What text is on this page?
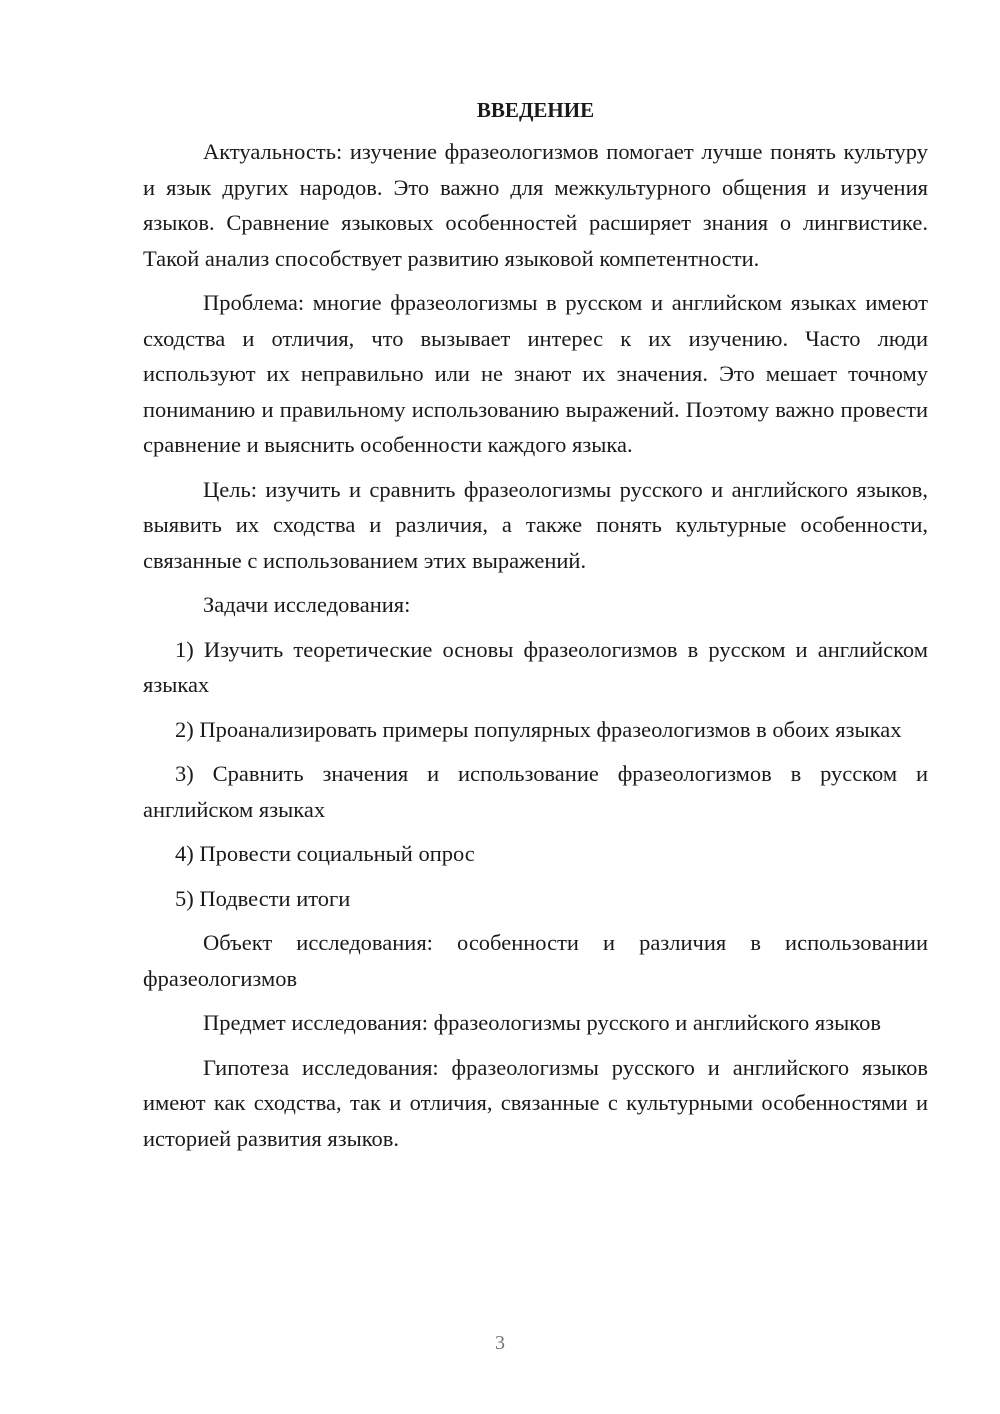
ВВЕДЕНИЕ

Актуальность: изучение фразеологизмов помогает лучше понять культуру и язык других народов. Это важно для межкультурного общения и изучения языков. Сравнение языковых особенностей расширяет знания о лингвистике. Такой анализ способствует развитию языковой компетентности.

Проблема: многие фразеологизмы в русском и английском языках имеют сходства и отличия, что вызывает интерес к их изучению. Часто люди используют их неправильно или не знают их значения. Это мешает точному пониманию и правильному использованию выражений. Поэтому важно провести сравнение и выяснить особенности каждого языка.

Цель: изучить и сравнить фразеологизмы русского и английского языков, выявить их сходства и различия, а также понять культурные особенности, связанные с использованием этих выражений.

Задачи исследования:

1) Изучить теоретические основы фразеологизмов в русском и английском языках

2) Проанализировать примеры популярных фразеологизмов в обоих языках

3) Сравнить значения и использование фразеологизмов в русском и английском языках

4) Провести социальный опрос

5) Подвести итоги

Объект исследования: особенности и различия в использовании фразеологизмов

Предмет исследования: фразеологизмы русского и английского языков

Гипотеза исследования: фразеологизмы русского и английского языков имеют как сходства, так и отличия, связанные с культурными особенностями и историей развития языков.

3
